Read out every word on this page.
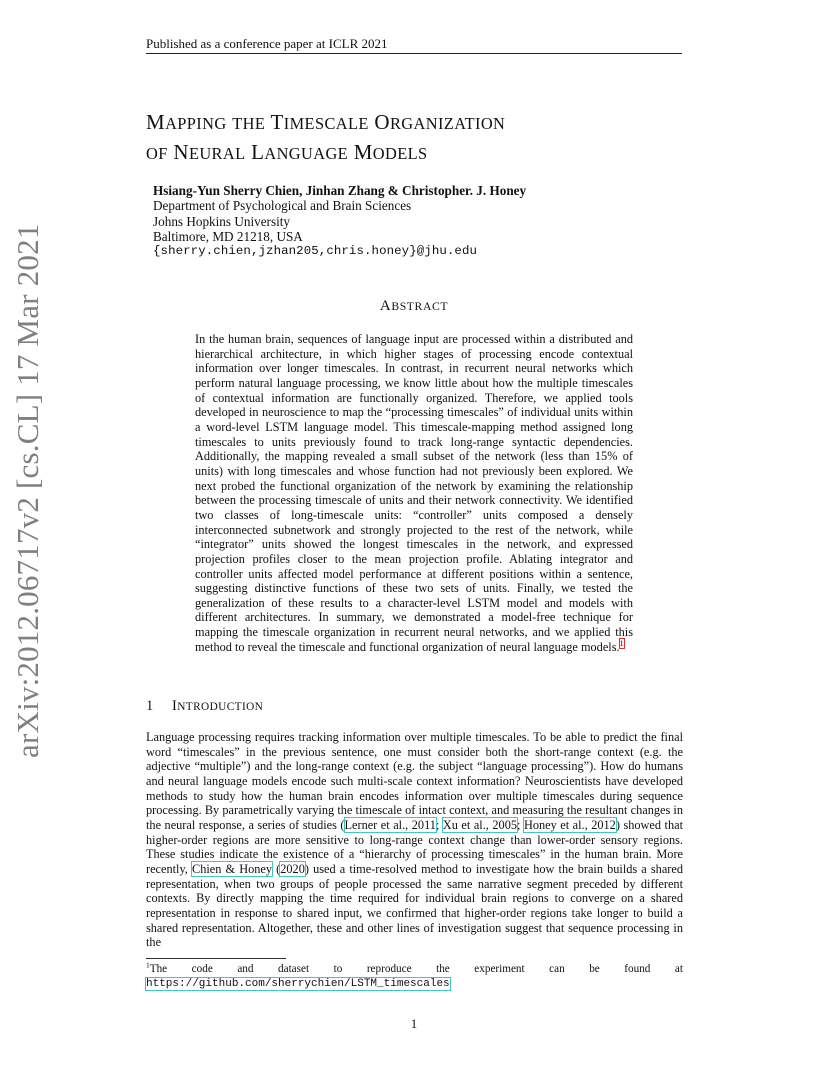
Published as a conference paper at ICLR 2021
arXiv:2012.06717v2 [cs.CL] 17 Mar 2021
MAPPING THE TIMESCALE ORGANIZATION
OF NEURAL LANGUAGE MODELS
Hsiang-Yun Sherry Chien, Jinhan Zhang & Christopher. J. Honey
Department of Psychological and Brain Sciences
Johns Hopkins University
Baltimore, MD 21218, USA
{sherry.chien,jzhan205,chris.honey}@jhu.edu
ABSTRACT
In the human brain, sequences of language input are processed within a distributed and hierarchical architecture, in which higher stages of processing encode contextual information over longer timescales. In contrast, in recurrent neural networks which perform natural language processing, we know little about how the multiple timescales of contextual information are functionally organized. Therefore, we applied tools developed in neuroscience to map the “processing timescales” of individual units within a word-level LSTM language model. This timescale-mapping method assigned long timescales to units previously found to track long-range syntactic dependencies. Additionally, the mapping revealed a small subset of the network (less than 15% of units) with long timescales and whose function had not previously been explored. We next probed the functional organization of the network by examining the relationship between the processing timescale of units and their network connectivity. We identified two classes of long-timescale units: “controller” units composed a densely interconnected subnetwork and strongly projected to the rest of the network, while “integrator” units showed the longest timescales in the network, and expressed projection profiles closer to the mean projection profile. Ablating integrator and controller units affected model performance at different positions within a sentence, suggesting distinctive functions of these two sets of units. Finally, we tested the generalization of these results to a character-level LSTM model and models with different architectures. In summary, we demonstrated a model-free technique for mapping the timescale organization in recurrent neural networks, and we applied this method to reveal the timescale and functional organization of neural language models.$^1$
1 INTRODUCTION
Language processing requires tracking information over multiple timescales. To be able to predict the final word “timescales” in the previous sentence, one must consider both the short-range context (e.g. the adjective “multiple”) and the long-range context (e.g. the subject “language processing”). How do humans and neural language models encode such multi-scale context information? Neuroscientists have developed methods to study how the human brain encodes information over multiple timescales during sequence processing. By parametrically varying the timescale of intact context, and measuring the resultant changes in the neural response, a series of studies (Lerner et al., 2011; Xu et al., 2005; Honey et al., 2012) showed that higher-order regions are more sensitive to long-range context change than lower-order sensory regions. These studies indicate the existence of a “hierarchy of processing timescales” in the human brain. More recently, Chien & Honey (2020) used a time-resolved method to investigate how the brain builds a shared representation, when two groups of people processed the same narrative segment preceded by different contexts. By directly mapping the time required for individual brain regions to converge on a shared representation in response to shared input, we confirmed that higher-order regions take longer to build a shared representation. Altogether, these and other lines of investigation suggest that sequence processing in the
$^1$The code and dataset to reproduce the experiment can be found at https://github.com/sherrychien/LSTM_timescales
1
